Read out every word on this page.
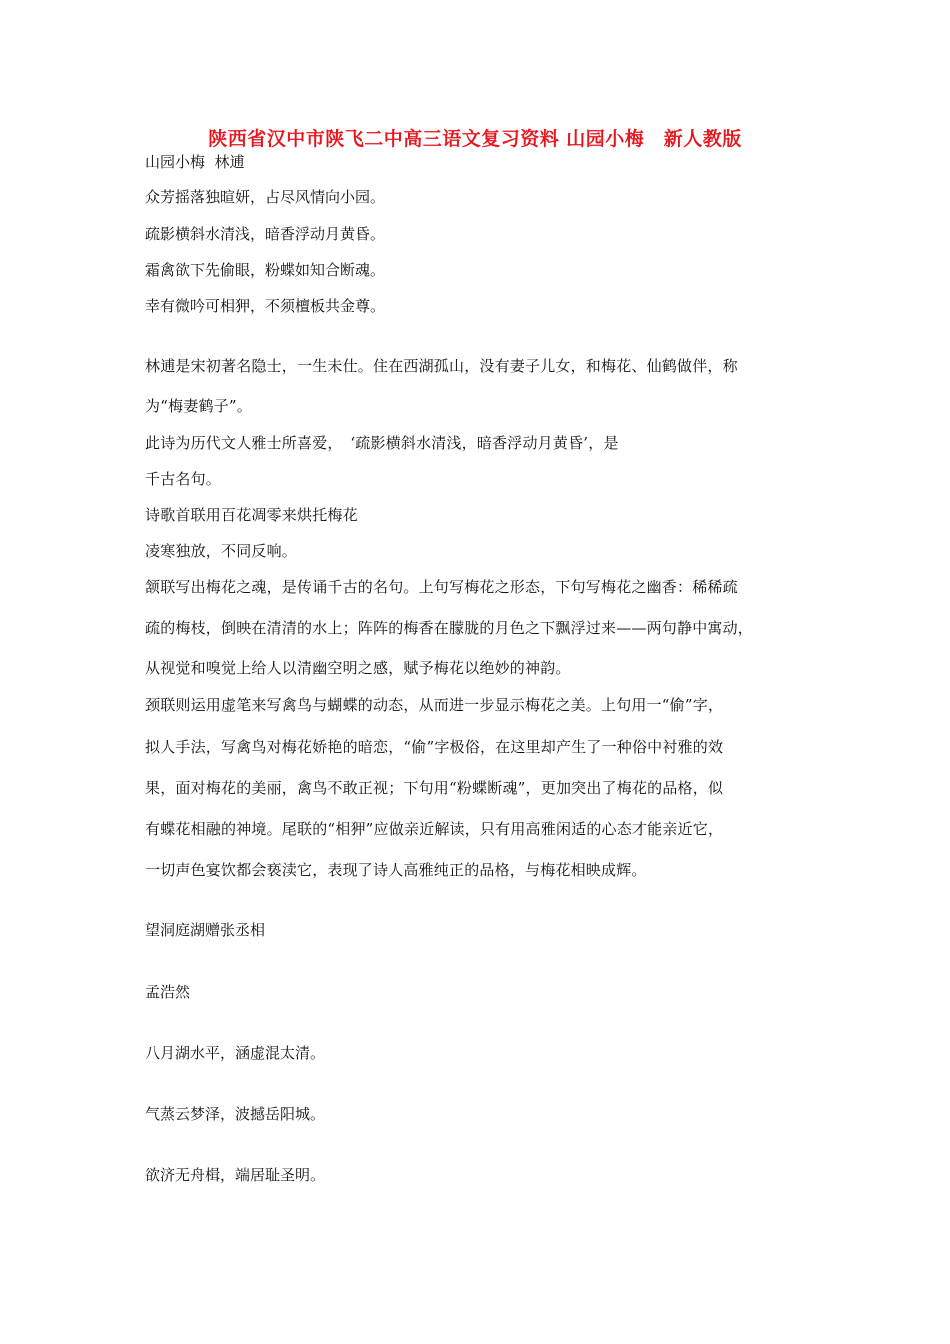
陕西省汉中市陕飞二中高三语文复习资料 山园小梅　新人教版
山园小梅  林逋
众芳摇落独暄妍，占尽风情向小园。
疏影横斜水清浅，暗香浮动月黄昏。
霜禽欲下先偷眼，粉蝶如知合断魂。
幸有微吟可相狎，不须檀板共金尊。
林逋是宋初著名隐士，一生未仕。住在西湖孤山，没有妻子儿女，和梅花、仙鹤做伴，称
为“梅妻鹤子”。
此诗为历代文人雅士所喜爱，　‘疏影横斜水清浅，暗香浮动月黄昏’，是
千古名句。
诗歌首联用百花凋零来烘托梅花
凌寒独放，不同反响。
颔联写出梅花之魂，是传诵千古的名句。上句写梅花之形态，下句写梅花之幽香：稀稀疏
疏的梅枝，倒映在清清的水上；阵阵的梅香在朦胧的月色之下飘浮过来——两句静中寓动，
从视觉和嗅觉上给人以清幽空明之感，赋予梅花以绝妙的神韵。
颈联则运用虚笔来写禽鸟与蝴蝶的动态，从而进一步显示梅花之美。上句用一“偷”字，
拟人手法，写禽鸟对梅花娇艳的暗恋，“偷”字极俗，在这里却产生了一种俗中衬雅的效
果，面对梅花的美丽，禽鸟不敢正视；下句用“粉蝶断魂”，更加突出了梅花的品格，似
有蝶花相融的神境。尾联的“相狎”应做亲近解读，只有用高雅闲适的心态才能亲近它，
一切声色宴饮都会亵渎它，表现了诗人高雅纯正的品格，与梅花相映成辉。
望洞庭湖赠张丞相
孟浩然
八月湖水平，涵虚混太清。
气蒸云梦泽，波撼岳阳城。
欲济无舟楫，端居耻圣明。
